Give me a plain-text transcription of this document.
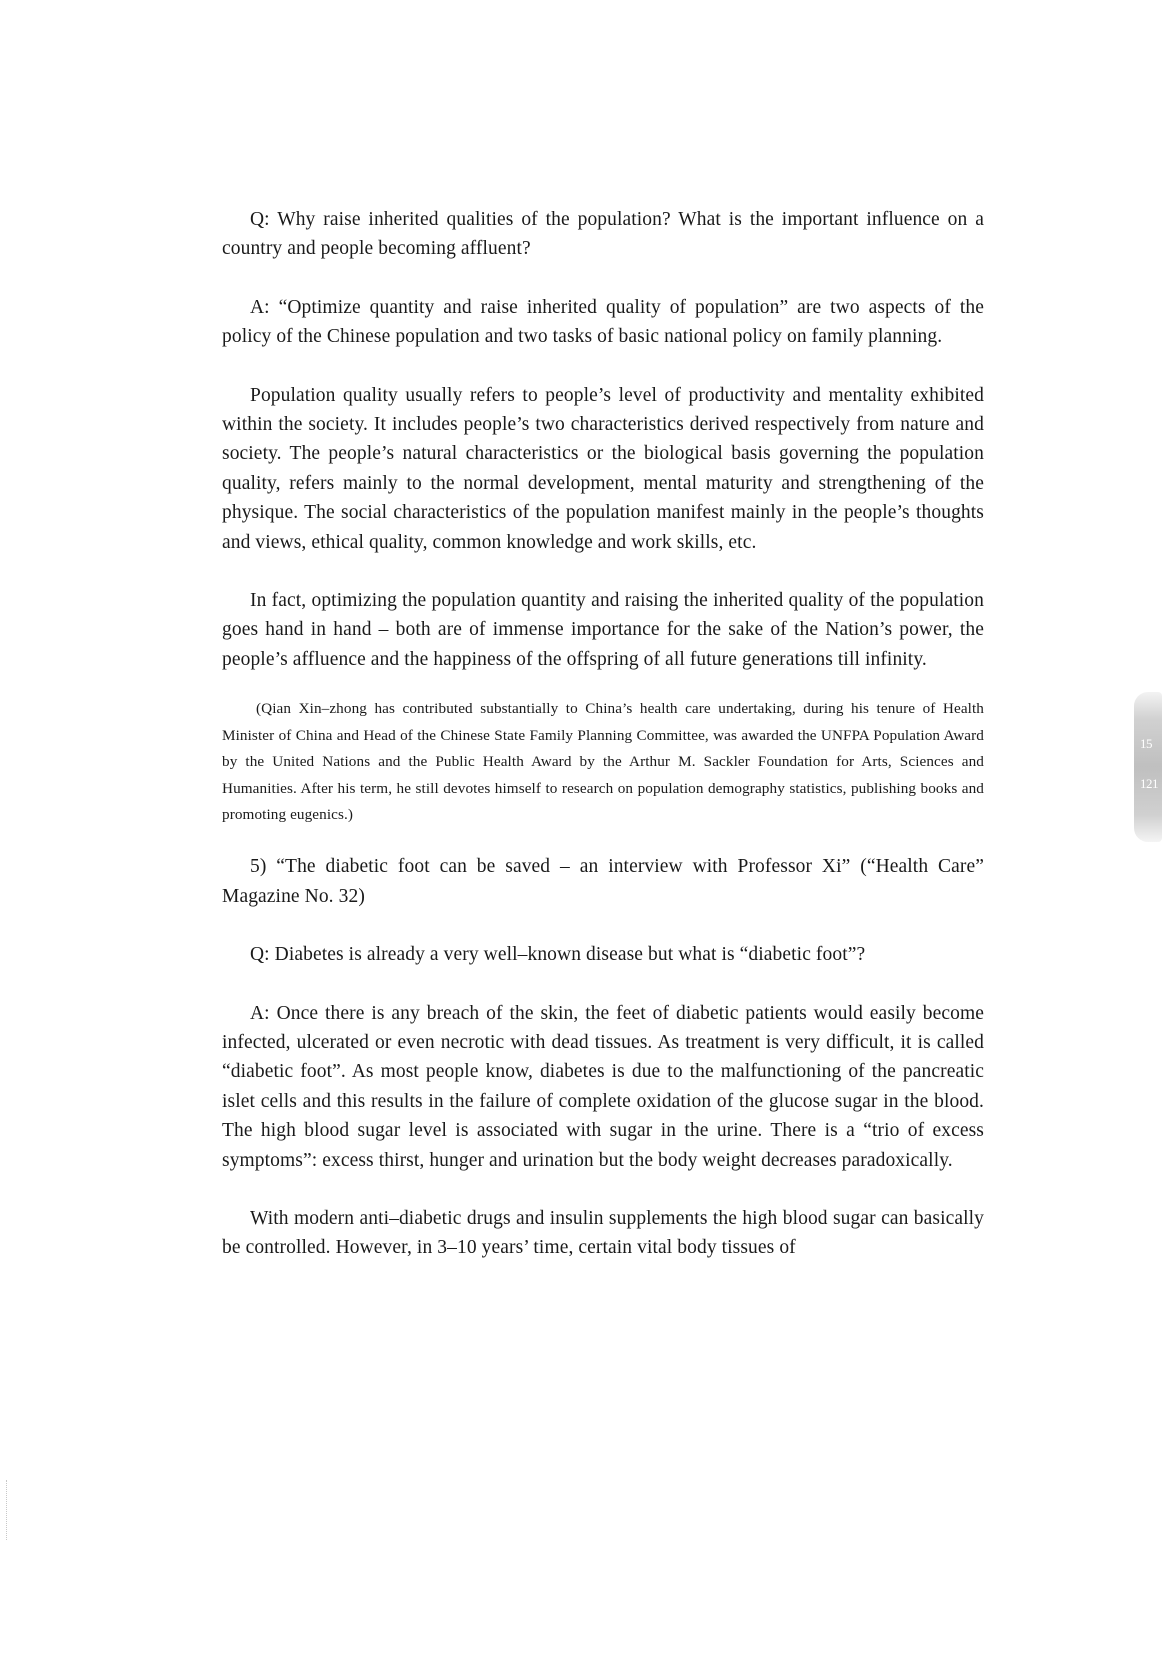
Q: Why raise inherited qualities of the population? What is the important influence on a country and people becoming affluent?

A: “Optimize quantity and raise inherited quality of population” are two aspects of the policy of the Chinese population and two tasks of basic national policy on family planning.

Population quality usually refers to people’s level of productivity and mentality exhibited within the society. It includes people’s two characteristics derived respectively from nature and society. The people’s natural characteristics or the biological basis governing the population quality, refers mainly to the normal development, mental maturity and strengthening of the physique. The social characteristics of the population manifest mainly in the people’s thoughts and views, ethical quality, common knowledge and work skills, etc.

In fact, optimizing the population quantity and raising the inherited quality of the population goes hand in hand – both are of immense importance for the sake of the Nation’s power, the people’s affluence and the happiness of the offspring of all future generations till infinity.

(Qian Xin–zhong has contributed substantially to China’s health care undertaking, during his tenure of Health Minister of China and Head of the Chinese State Family Planning Committee, was awarded the UNFPA Population Award by the United Nations and the Public Health Award by the Arthur M. Sackler Foundation for Arts, Sciences and Humanities. After his term, he still devotes himself to research on population demography statistics, publishing books and promoting eugenics.)

5) “The diabetic foot can be saved – an interview with Professor Xi” (“Health Care” Magazine No. 32)

Q: Diabetes is already a very well–known disease but what is “diabetic foot”?

A: Once there is any breach of the skin, the feet of diabetic patients would easily become infected, ulcerated or even necrotic with dead tissues. As treatment is very difficult, it is called “diabetic foot”. As most people know, diabetes is due to the malfunctioning of the pancreatic islet cells and this results in the failure of complete oxidation of the glucose sugar in the blood. The high blood sugar level is associated with sugar in the urine. There is a “trio of excess symptoms”: excess thirst, hunger and urination but the body weight decreases paradoxically.

With modern anti–diabetic drugs and insulin supplements the high blood sugar can basically be controlled. However, in 3–10 years’ time, certain vital body tissues of

15
121
